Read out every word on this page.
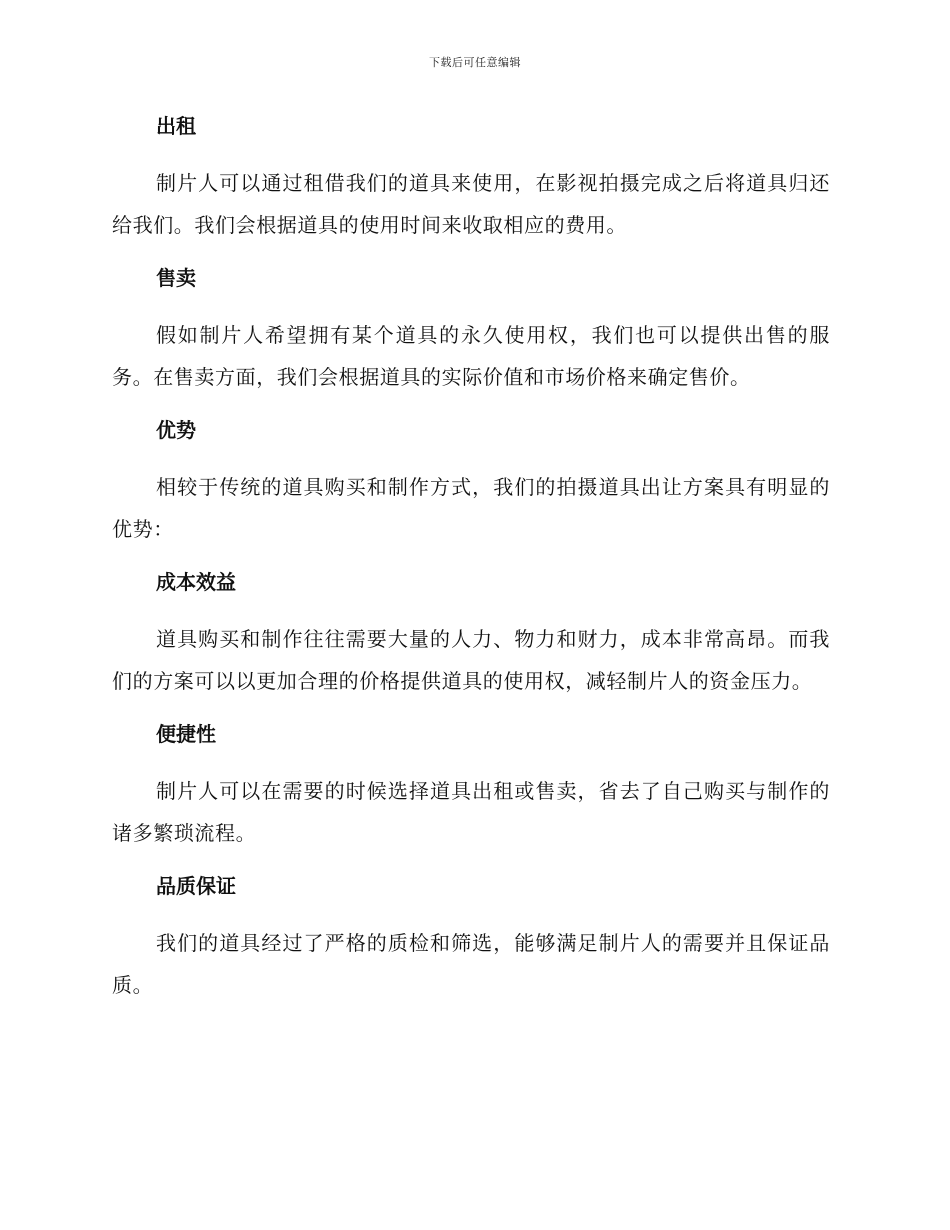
下载后可任意编辑
出租

制片人可以通过租借我们的道具来使用，在影视拍摄完成之后将道具归还给我们。我们会根据道具的使用时间来收取相应的费用。

售卖

假如制片人希望拥有某个道具的永久使用权，我们也可以提供出售的服务。在售卖方面，我们会根据道具的实际价值和市场价格来确定售价。

优势

相较于传统的道具购买和制作方式，我们的拍摄道具出让方案具有明显的优势：

成本效益

道具购买和制作往往需要大量的人力、物力和财力，成本非常高昂。而我们的方案可以以更加合理的价格提供道具的使用权，减轻制片人的资金压力。

便捷性

制片人可以在需要的时候选择道具出租或售卖，省去了自己购买与制作的诸多繁琐流程。

品质保证

我们的道具经过了严格的质检和筛选，能够满足制片人的需要并且保证品质。
